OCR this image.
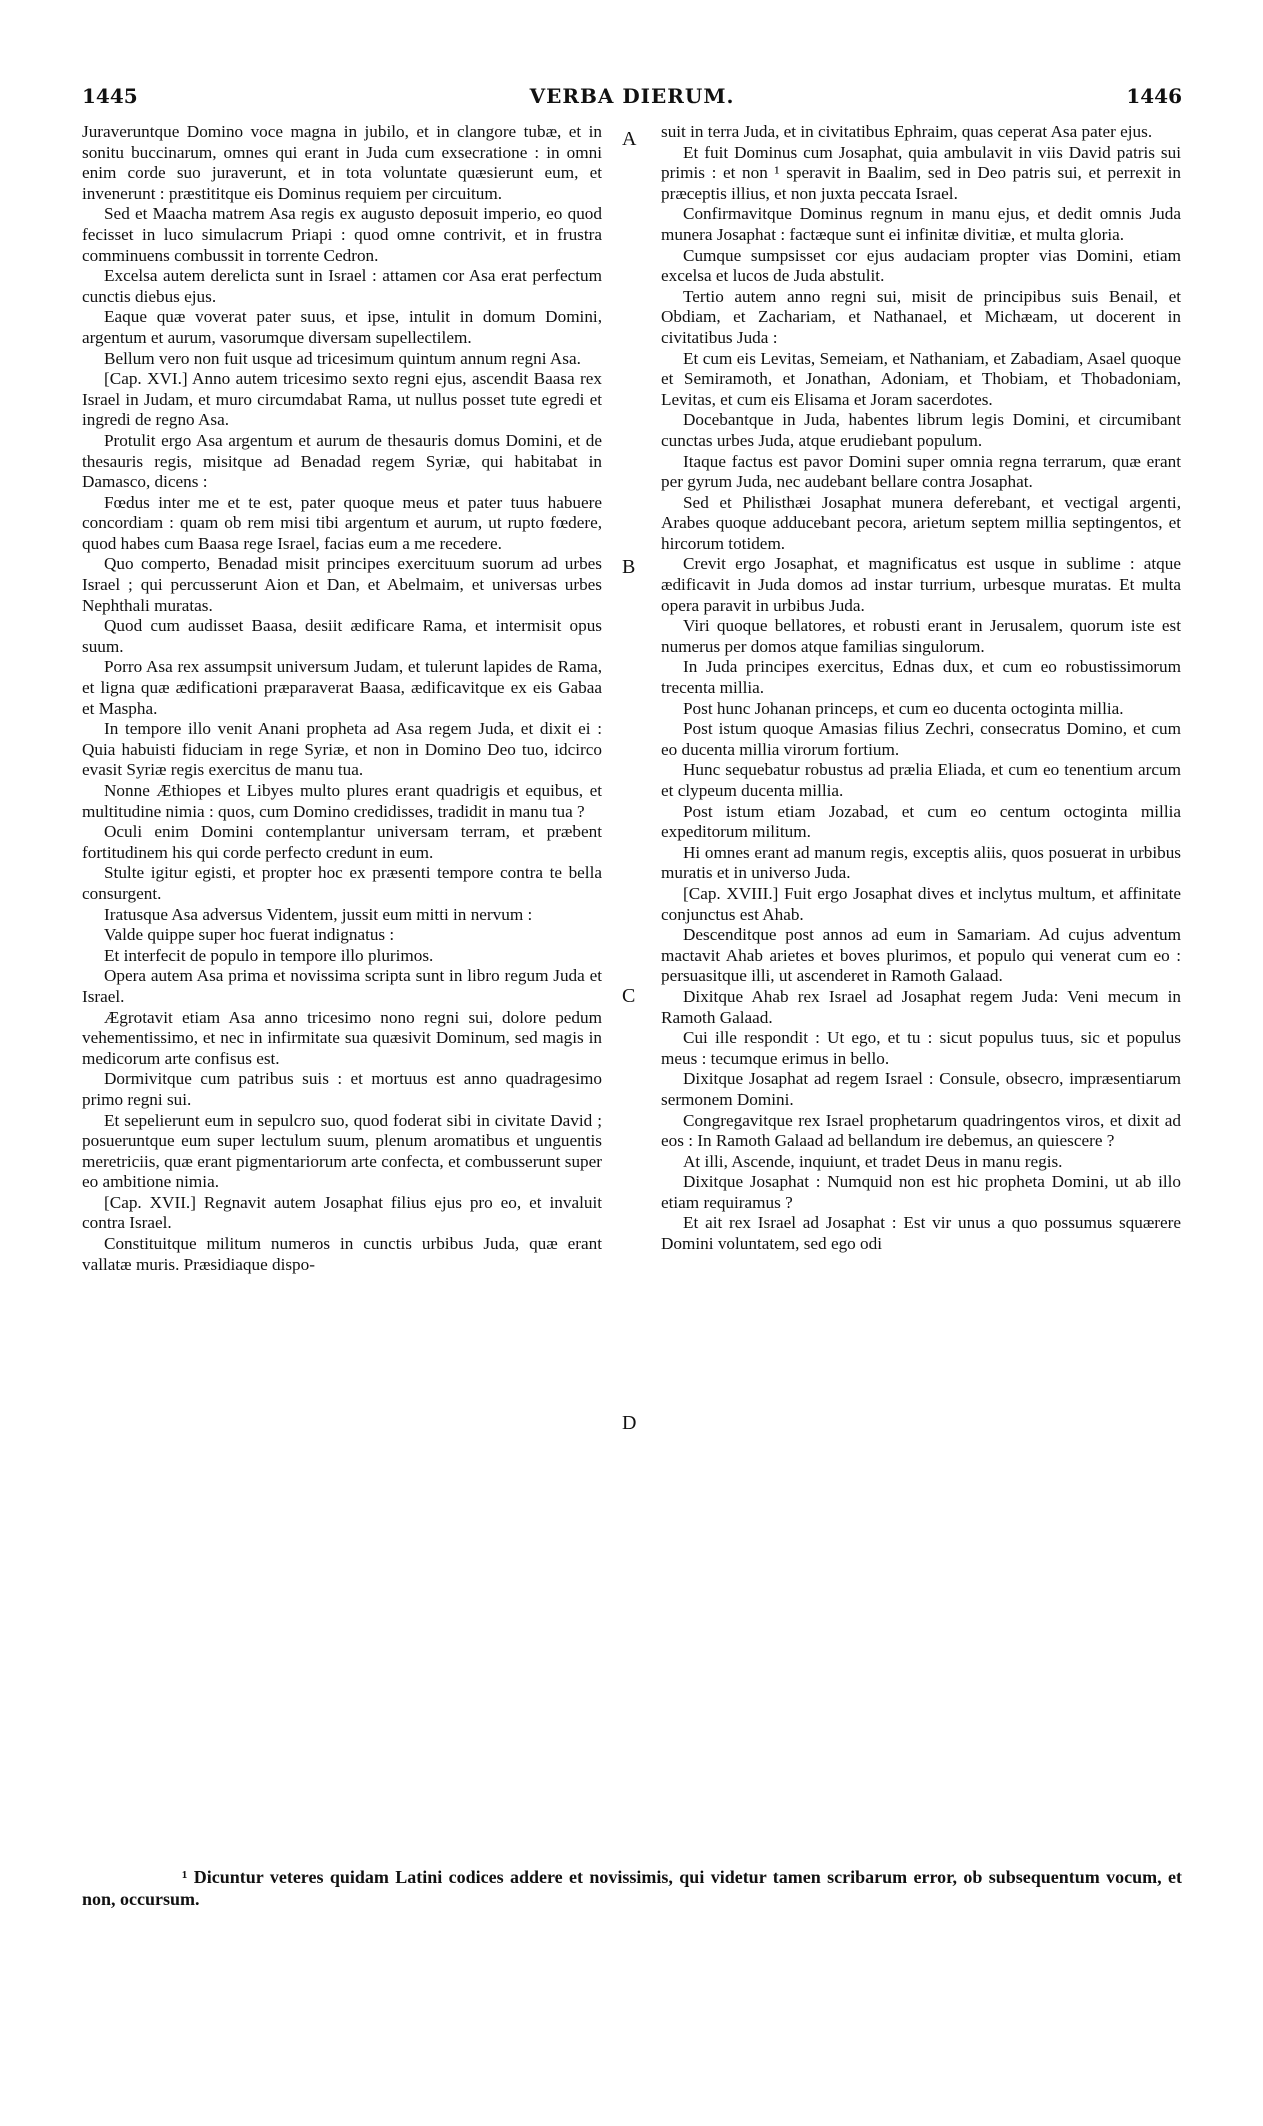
1445	VERBA DIERUM.	1446

Juraveruntque Domino voce magna in jubilo, et in clangore tubæ, et in sonitu buccinarum, omnes qui erant in Juda cum exsecratione : in omni enim corde suo juraverunt, et in tota voluntate quæsierunt eum, et invenerunt : præstititque eis Dominus requiem per circuitum.

Sed et Maacha matrem Asa regis ex augusto deposuit imperio, eo quod fecisset in luco simulacrum Priapi : quod omne contrivit, et in frustra comminuens combussit in torrente Cedron.

Excelsa autem derelicta sunt in Israel : attamen cor Asa erat perfectum cunctis diebus ejus.

Eaque quæ voverat pater suus, et ipse, intulit in domum Domini, argentum et aurum, vasorumque diversam supellectilem.

Bellum vero non fuit usque ad tricesimum quintum annum regni Asa.

[Cap. XVI.] Anno autem tricesimo sexto regni ejus, ascendit Baasa rex Israel in Judam, et muro circumdabat Rama, ut nullus posset tute egredi et ingredi de regno Asa.

Protulit ergo Asa argentum et aurum de thesauris domus Domini, et de thesauris regis, misitque ad Benadad regem Syriæ, qui habitabat in Damasco, dicens :

Fœdus inter me et te est, pater quoque meus et pater tuus habuere concordiam : quam ob rem misi tibi argentum et aurum, ut rupto fœdere, quod habes cum Baasa rege Israel, facias eum a me recedere.

Quo comperto, Benadad misit principes exercituum suorum ad urbes Israel ; qui percusserunt Aion et Dan, et Abelmaim, et universas urbes Nephthali muratas.

Quod cum audisset Baasa, desiit ædificare Rama, et intermisit opus suum.

Porro Asa rex assumpsit universum Judam, et tulerunt lapides de Rama, et ligna quæ ædificationi præparaverat Baasa, ædificavitque ex eis Gabaa et Maspha.

In tempore illo venit Anani propheta ad Asa regem Juda, et dixit ei : Quia habuisti fiduciam in rege Syriæ, et non in Domino Deo tuo, idcirco evasit Syriæ regis exercitus de manu tua.

Nonne Æthiopes et Libyes multo plures erant quadrigis et equibus, et multitudine nimia : quos, cum Domino credidisses, tradidit in manu tua ?

Oculi enim Domini contemplantur universam terram, et præbent fortitudinem his qui corde perfecto credunt in eum.

Stulte igitur egisti, et propter hoc ex præsenti tempore contra te bella consurgent.

Iratusque Asa adversus Videntem, jussit eum mitti in nervum :

Valde quippe super hoc fuerat indignatus :

Et interfecit de populo in tempore illo plurimos.

Opera autem Asa prima et novissima scripta sunt in libro regum Juda et Israel.

Ægrotavit etiam Asa anno tricesimo nono regni sui, dolore pedum vehementissimo, et nec in infirmitate sua quæsivit Dominum, sed magis in medicorum arte confisus est.

Dormivitque cum patribus suis : et mortuus est anno quadragesimo primo regni sui.

Et sepelierunt eum in sepulcro suo, quod foderat sibi in civitate David ; posueruntque eum super lectulum suum, plenum aromatibus et unguentis meretriciis, quæ erant pigmentariorum arte confecta, et combusserunt super eo ambitione nimia.

[Cap. XVII.] Regnavit autem Josaphat filius ejus pro eo, et invaluit contra Israel.

Constituitque militum numeros in cunctis urbibus Juda, quæ erant vallatæ muris. Præsidiaque dispo-

A
B
C
D

suit in terra Juda, et in civitatibus Ephraim, quas ceperat Asa pater ejus.

Et fuit Dominus cum Josaphat, quia ambulavit in viis David patris sui primis : et non ¹ speravit in Baalim, sed in Deo patris sui, et perrexit in præceptis illius, et non juxta peccata Israel.

Confirmavitque Dominus regnum in manu ejus, et dedit omnis Juda munera Josaphat : factæque sunt ei infinitæ divitiæ, et multa gloria.

Cumque sumpsisset cor ejus audaciam propter vias Domini, etiam excelsa et lucos de Juda abstulit.

Tertio autem anno regni sui, misit de principibus suis Benail, et Obdiam, et Zachariam, et Nathanael, et Michæam, ut docerent in civitatibus Juda :

Et cum eis Levitas, Semeiam, et Nathaniam, et Zabadiam, Asael quoque et Semiramoth, et Jonathan, Adoniam, et Thobiam, et Thobadoniam, Levitas, et cum eis Elisama et Joram sacerdotes.

Docebantque in Juda, habentes librum legis Domini, et circumibant cunctas urbes Juda, atque erudiebant populum.

Itaque factus est pavor Domini super omnia regna terrarum, quæ erant per gyrum Juda, nec audebant bellare contra Josaphat.

Sed et Philisthæi Josaphat munera deferebant, et vectigal argenti, Arabes quoque adducebant pecora, arietum septem millia septingentos, et hircorum totidem.

Crevit ergo Josaphat, et magnificatus est usque in sublime : atque ædificavit in Juda domos ad instar turrium, urbesque muratas. Et multa opera paravit in urbibus Juda.

Viri quoque bellatores, et robusti erant in Jerusalem, quorum iste est numerus per domos atque familias singulorum.

In Juda principes exercitus, Ednas dux, et cum eo robustissimorum trecenta millia.

Post hunc Johanan princeps, et cum eo ducenta octoginta millia.

Post istum quoque Amasias filius Zechri, consecratus Domino, et cum eo ducenta millia virorum fortium.

Hunc sequebatur robustus ad prælia Eliada, et cum eo tenentium arcum et clypeum ducenta millia.

Post istum etiam Jozabad, et cum eo centum octoginta millia expeditorum militum.

Hi omnes erant ad manum regis, exceptis aliis, quos posuerat in urbibus muratis et in universo Juda.

[Cap. XVIII.] Fuit ergo Josaphat dives et inclytus multum, et affinitate conjunctus est Ahab.

Descenditque post annos ad eum in Samariam. Ad cujus adventum mactavit Ahab arietes et boves plurimos, et populo qui venerat cum eo : persuasitque illi, ut ascenderet in Ramoth Galaad.

Dixitque Ahab rex Israel ad Josaphat regem Juda: Veni mecum in Ramoth Galaad.

Cui ille respondit : Ut ego, et tu : sicut populus tuus, sic et populus meus : tecumque erimus in bello.

Dixitque Josaphat ad regem Israel : Consule, obsecro, impræsentiarum sermonem Domini.

Congregavitque rex Israel prophetarum quadringentos viros, et dixit ad eos : In Ramoth Galaad ad bellandum ire debemus, an quiescere ?

At illi, Ascende, inquiunt, et tradet Deus in manu regis.

Dixitque Josaphat : Numquid non est hic propheta Domini, ut ab illo etiam requiramus ?

Et ait rex Israel ad Josaphat : Est vir unus a quo possumus squærere Domini voluntatem, sed ego odi

¹ Dicuntur veteres quidam Latini codices addere et novissimis, qui videtur tamen scribarum error, ob subsequentum vocum, et non, occursum.
